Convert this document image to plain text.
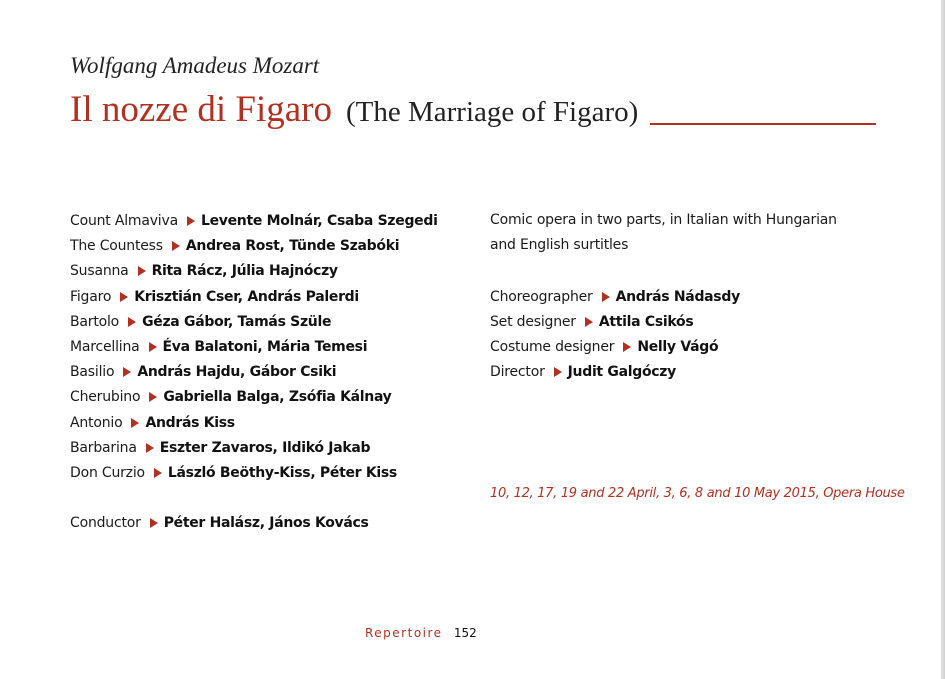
Wolfgang Amadeus Mozart
Il nozze di Figaro (The Marriage of Figaro)
Count Almaviva Levente Molnár, Csaba Szegedi
The Countess Andrea Rost, Tünde Szabóki
Susanna Rita Rácz, Júlia Hajnóczy
Figaro Krisztián Cser, András Palerdi
Bartolo Géza Gábor, Tamás Szüle
Marcellina Éva Balatoni, Mária Temesi
Basilio András Hajdu, Gábor Csiki
Cherubino Gabriella Balga, Zsófia Kálnay
Antonio András Kiss
Barbarina Eszter Zavaros, Ildikó Jakab
Don Curzio László Beöthy-Kiss, Péter Kiss
Conductor Péter Halász, János Kovács
Comic opera in two parts, in Italian with Hungarian
and English surtitles
Choreographer András Nádasdy
Set designer Attila Csikós
Costume designer Nelly Vágó
Director Judit Galgóczy
10, 12, 17, 19 and 22 April, 3, 6, 8 and 10 May 2015, Opera House
Repertoire 152
